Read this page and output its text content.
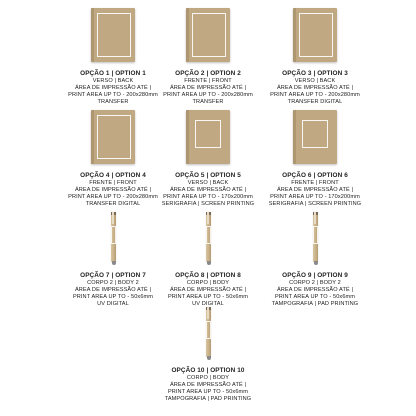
OPÇÃO 1 | OPTION 1
VERSO | BACK
ÁREA DE IMPRESSÃO ATÉ |
PRINT AREA UP TO - 200x280mm
TRANSFER
OPÇÃO 2 | OPTION 2
FRENTE | FRONT
ÁREA DE IMPRESSÃO ATÉ |
PRINT AREA UP TO - 200x280mm
TRANSFER
OPÇÃO 3 | OPTION 3
VERSO | BACK
ÁREA DE IMPRESSÃO ATÉ |
PRINT AREA UP TO - 200x280mm
TRANSFER DIGITAL
OPÇÃO 4 | OPTION 4
FRENTE | FRONT
ÁREA DE IMPRESSÃO ATÉ |
PRINT AREA UP TO - 200x280mm
TRANSFER DIGITAL
OPÇÃO 5 | OPTION 5
VERSO | BACK
ÁREA DE IMPRESSÃO ATÉ |
PRINT AREA UP TO - 170x200mm
SERIGRAFIA | SCREEN PRINTING
OPÇÃO 6 | OPTION 6
FRENTE | FRONT
ÁREA DE IMPRESSÃO ATÉ |
PRINT AREA UP TO - 170x200mm
SERIGRAFIA | SCREEN PRINTING
OPÇÃO 7 | OPTION 7
CORPO 2 | BODY 2
ÁREA DE IMPRESSÃO ATÉ |
PRINT AREA UP TO - 50x6mm
UV DIGITAL
OPÇÃO 8 | OPTION 8
CORPO | BODY
ÁREA DE IMPRESSÃO ATÉ |
PRINT AREA UP TO - 50x6mm
UV DIGITAL
OPÇÃO 9 | OPTION 9
CORPO 2 | BODY 2
ÁREA DE IMPRESSÃO ATÉ |
PRINT AREA UP TO - 50x6mm
TAMPOGRAFIA | PAD PRINTING
OPÇÃO 10 | OPTION 10
CORPO | BODY
ÁREA DE IMPRESSÃO ATÉ |
PRINT AREA UP TO - 50x6mm
TAMPOGRAFIA | PAD PRINTING
